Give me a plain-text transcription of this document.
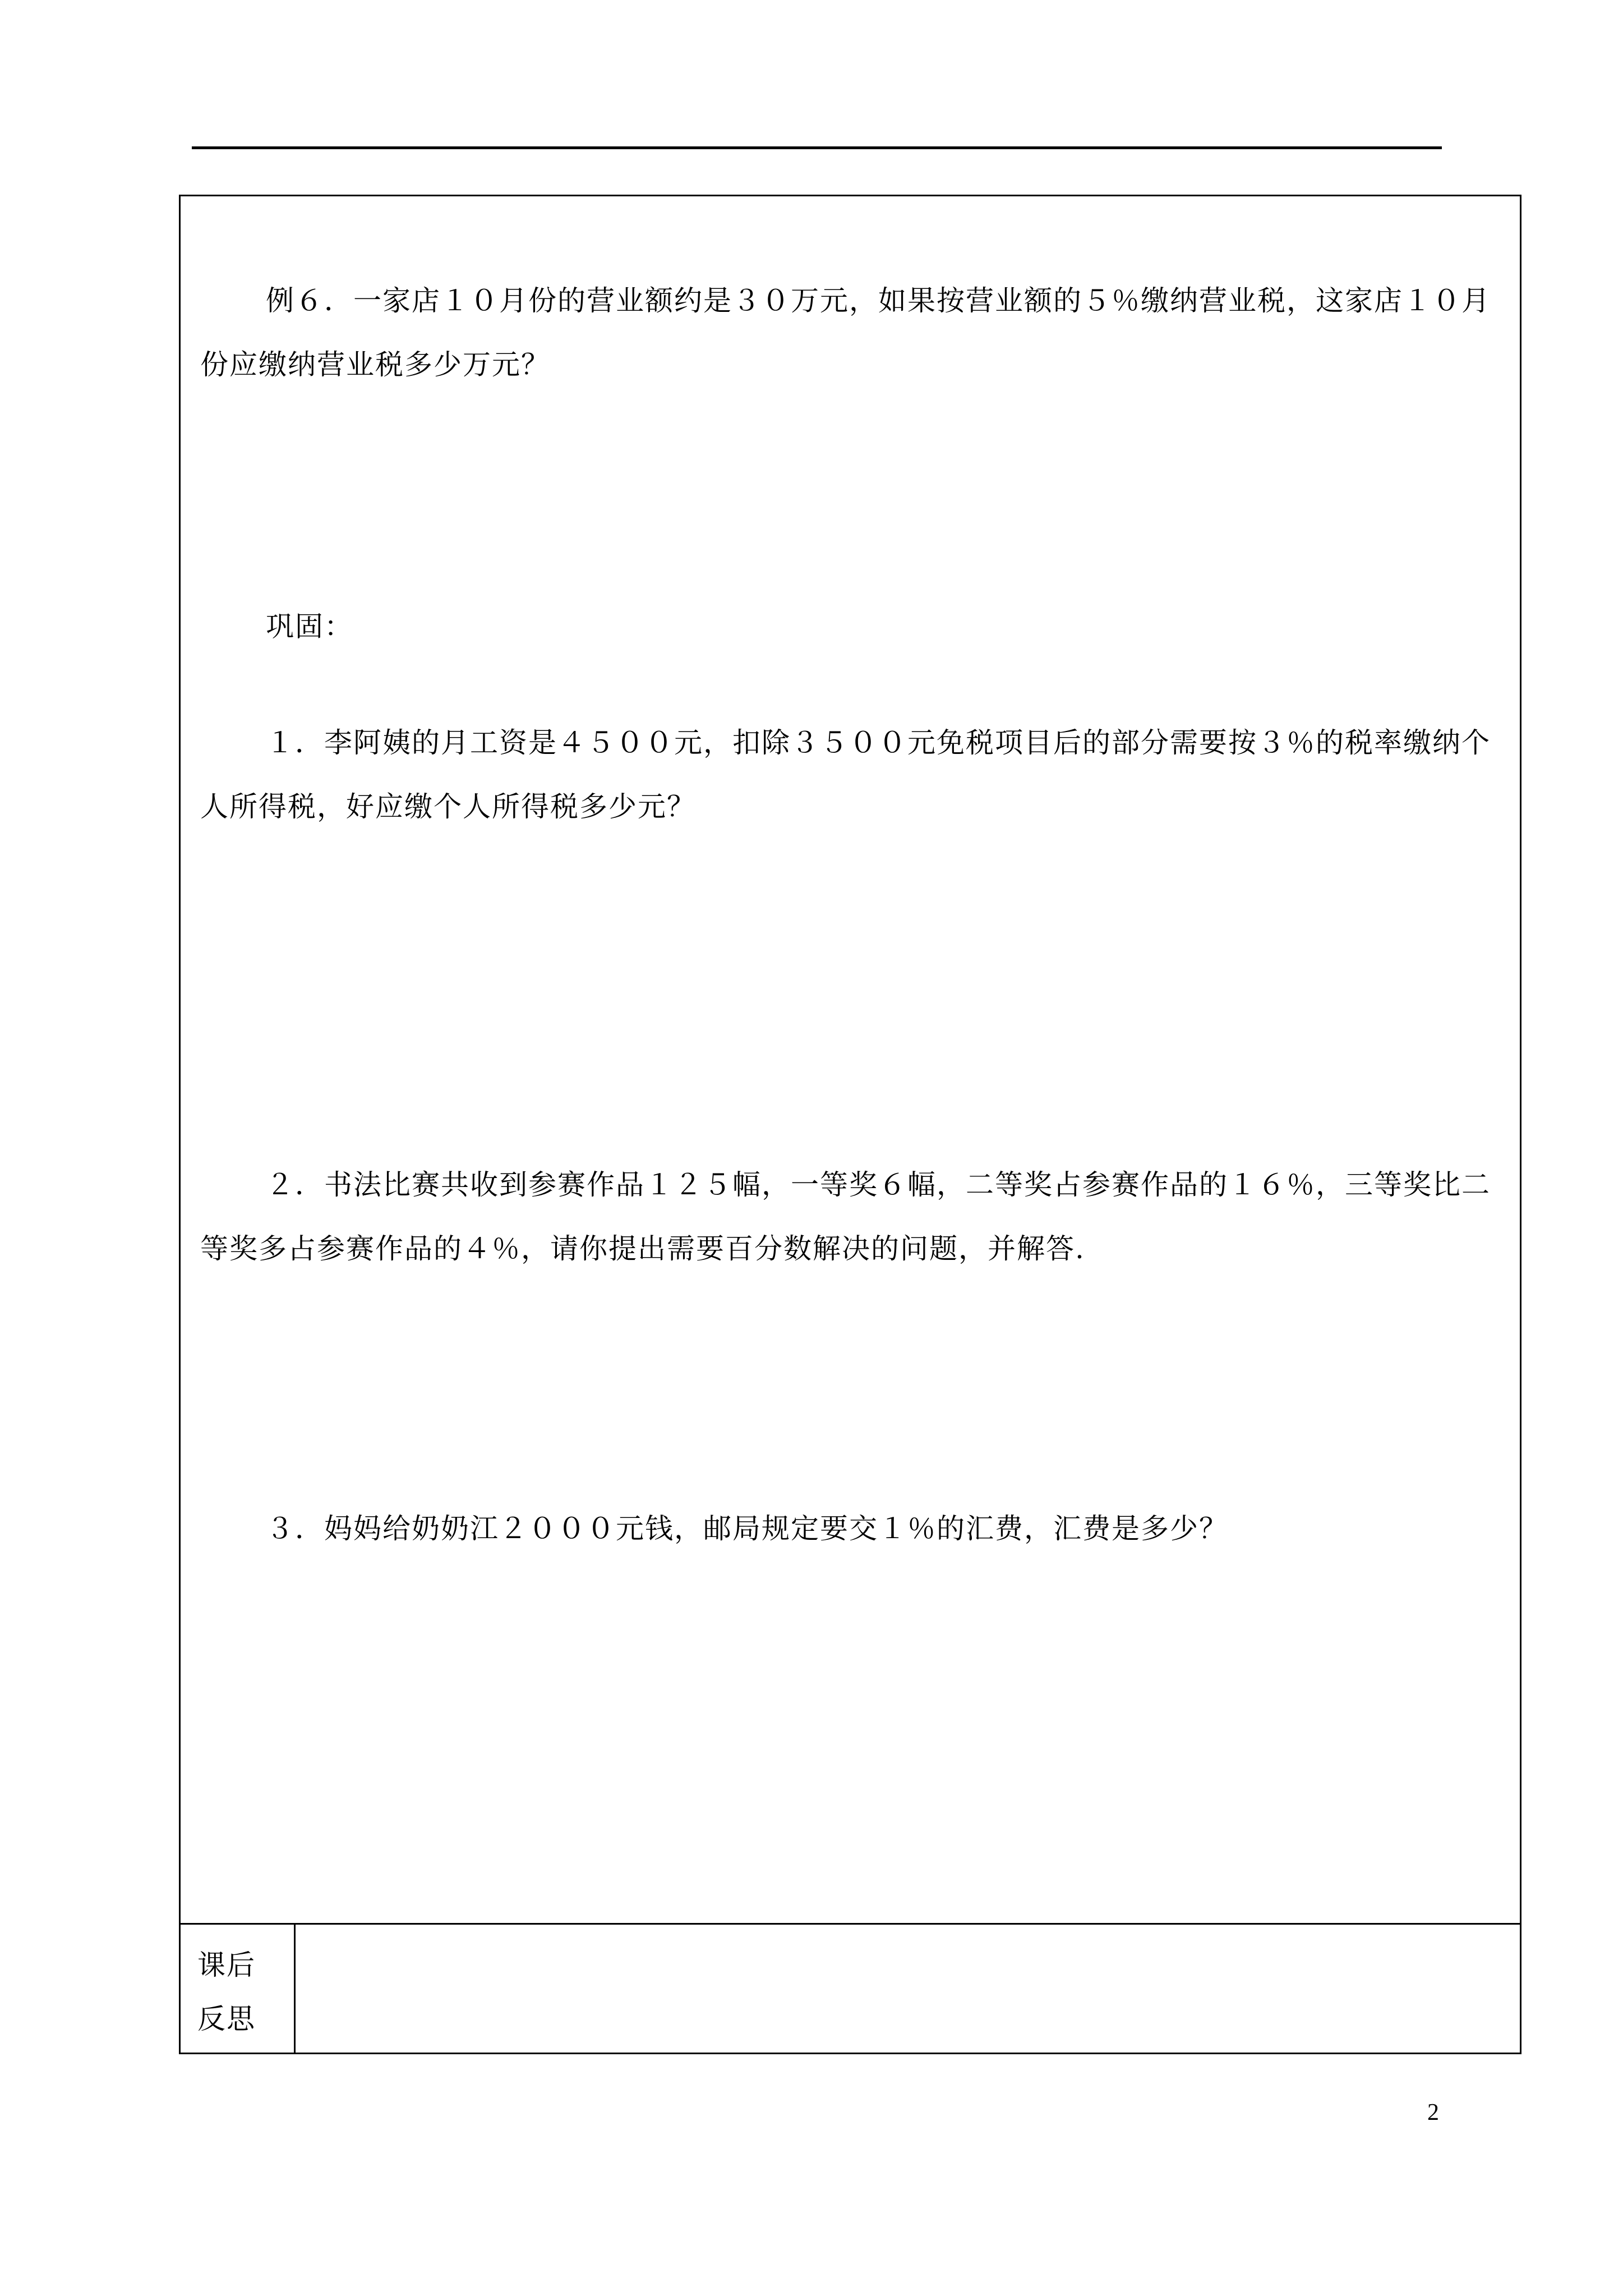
例６．一家店１０月份的营业额约是３０万元，如果按营业额的５％缴纳营业税，这家店１０月份应缴纳营业税多少万元？

巩固：

１．李阿姨的月工资是４５００元，扣除３５００元免税项目后的部分需要按３％的税率缴纳个人所得税，好应缴个人所得税多少元？

２．书法比赛共收到参赛作品１２５幅，一等奖６幅，二等奖占参赛作品的１６％，三等奖比二等奖多占参赛作品的４％，请你提出需要百分数解决的问题，并解答.

３．妈妈给奶奶江２０００元钱，邮局规定要交１％的汇费，汇费是多少？

课后
反思
2
